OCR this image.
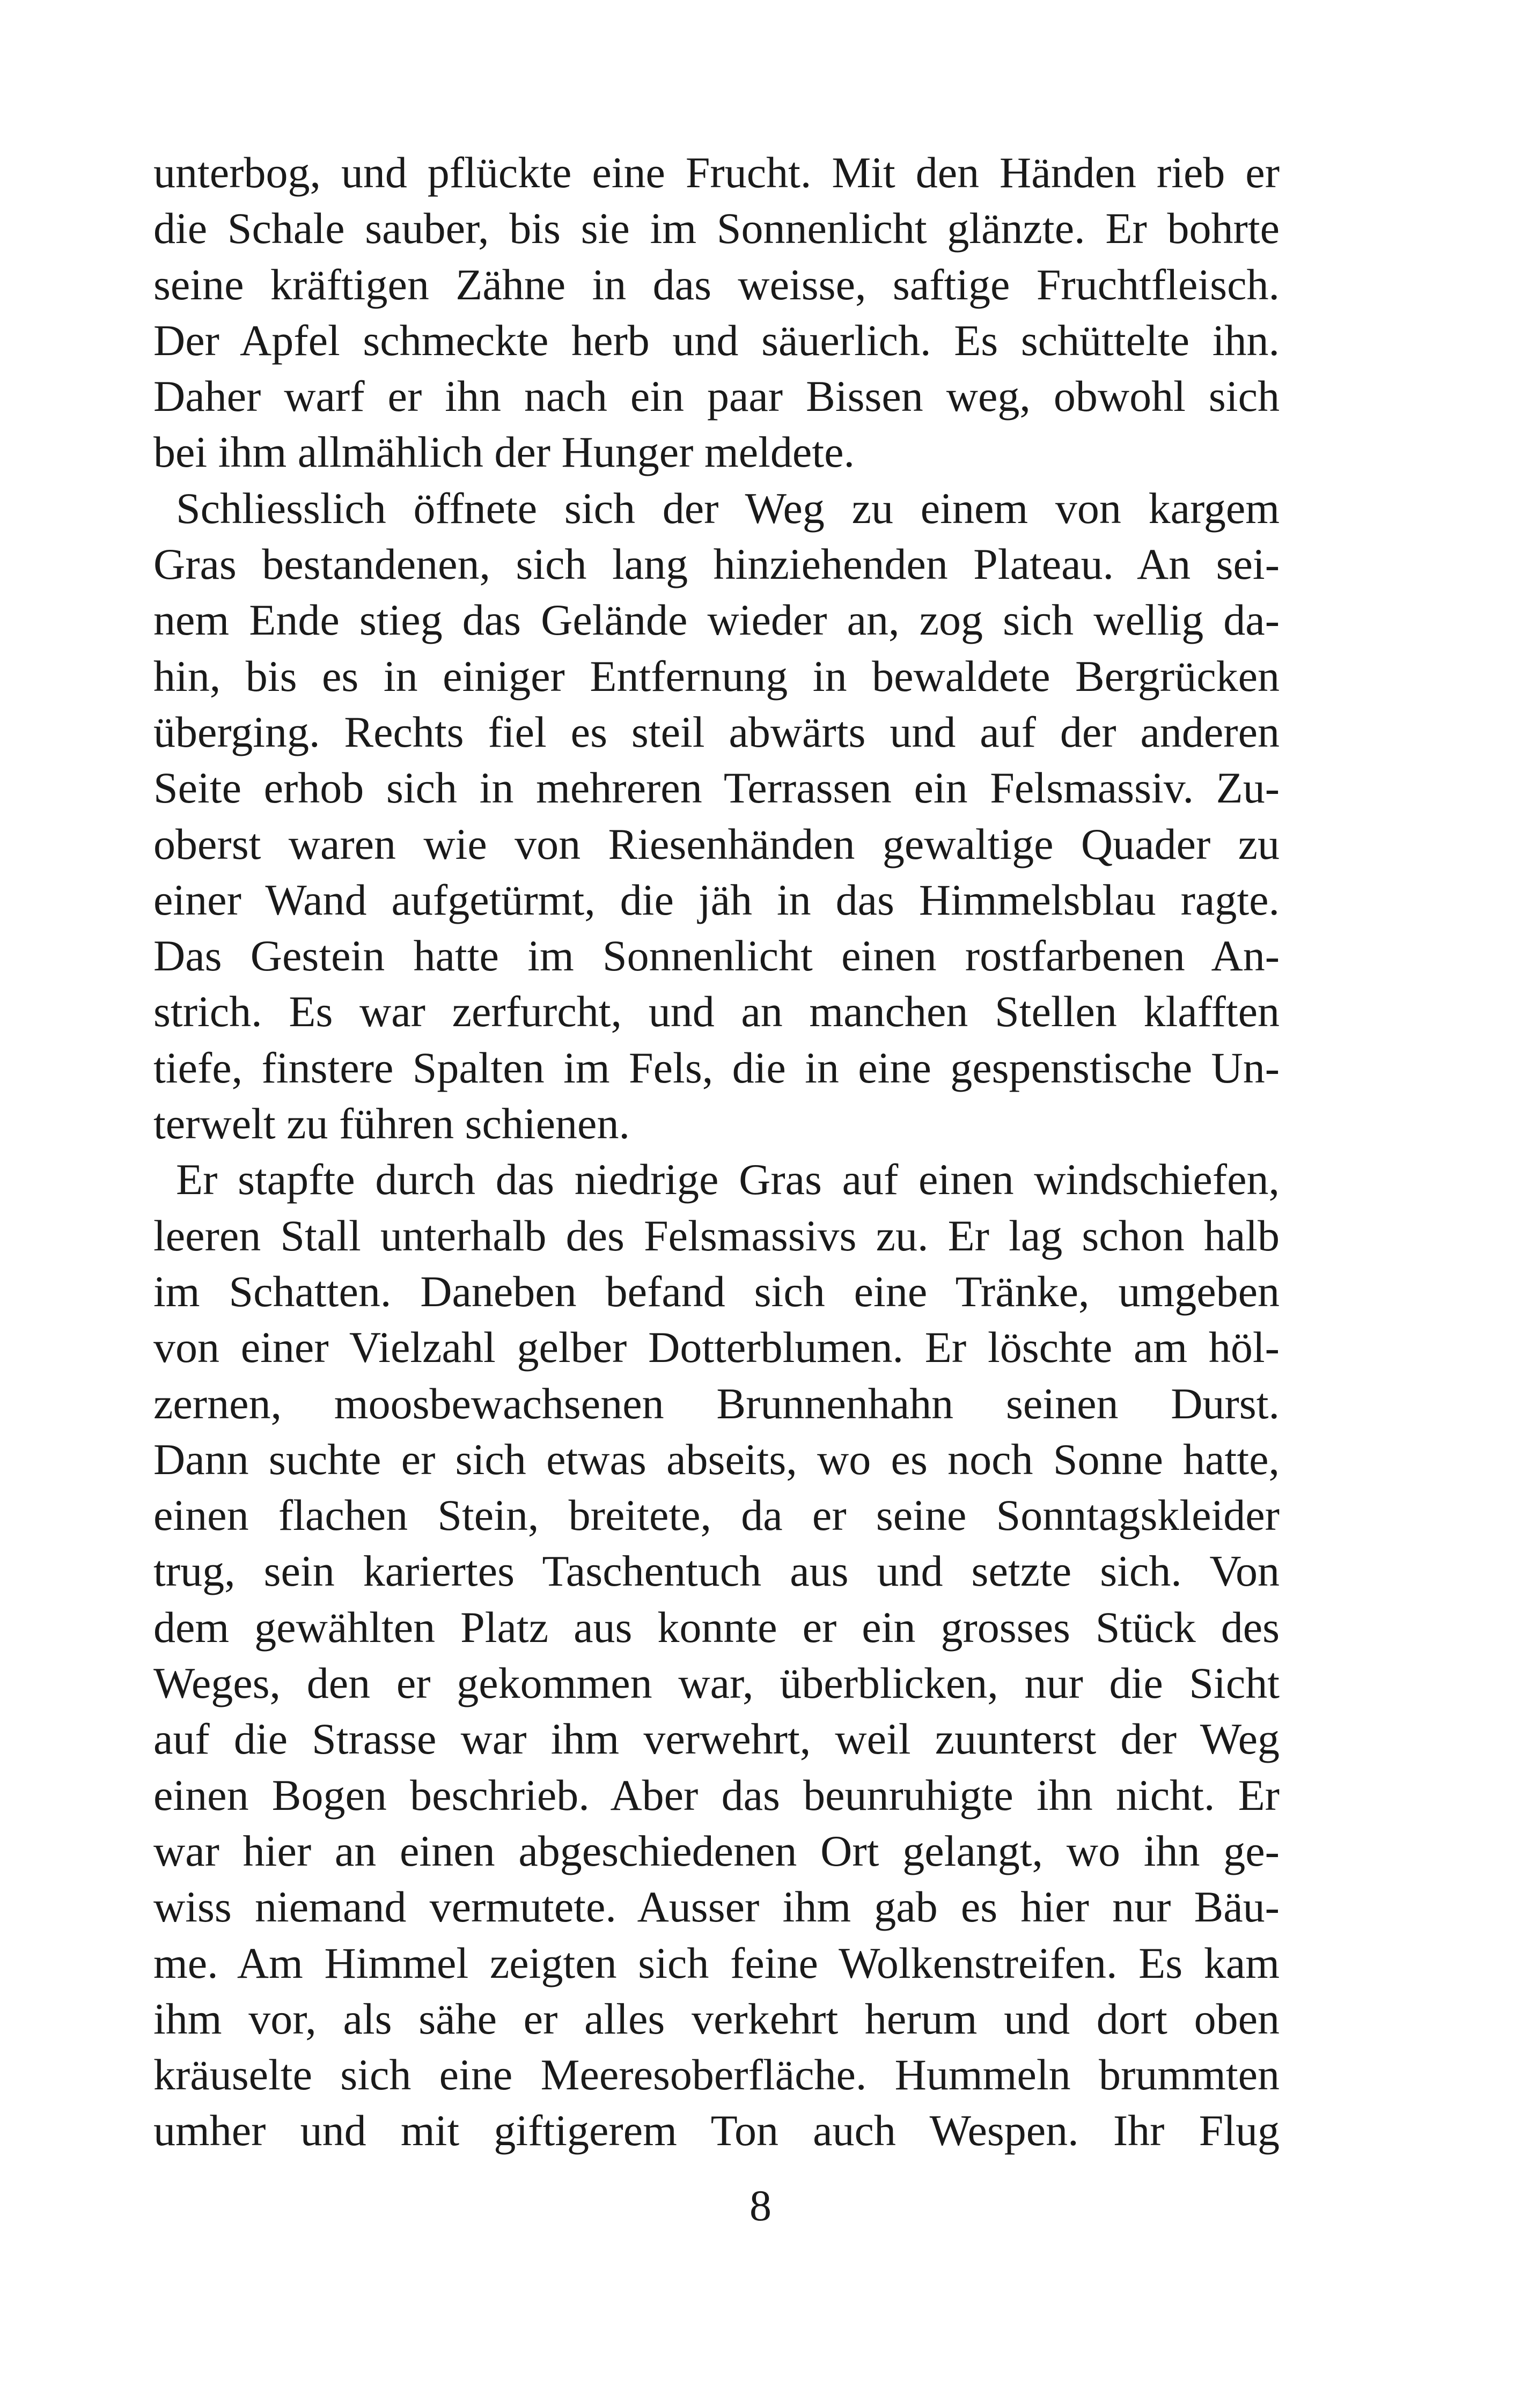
unterbog, und pflückte eine Frucht. Mit den Händen rieb er
die Schale sauber, bis sie im Sonnenlicht glänzte. Er bohrte
seine kräftigen Zähne in das weisse, saftige Fruchtfleisch.
Der Apfel schmeckte herb und säuerlich. Es schüttelte ihn.
Daher warf er ihn nach ein paar Bissen weg, obwohl sich
bei ihm allmählich der Hunger meldete.
Schliesslich öffnete sich der Weg zu einem von kargem
Gras bestandenen, sich lang hinziehenden Plateau. An sei-
nem Ende stieg das Gelände wieder an, zog sich wellig da-
hin, bis es in einiger Entfernung in bewaldete Bergrücken
überging. Rechts fiel es steil abwärts und auf der anderen
Seite erhob sich in mehreren Terrassen ein Felsmassiv. Zu-
oberst waren wie von Riesenhänden gewaltige Quader zu
einer Wand aufgetürmt, die jäh in das Himmelsblau ragte.
Das Gestein hatte im Sonnenlicht einen rostfarbenen An-
strich. Es war zerfurcht, und an manchen Stellen klafften
tiefe, finstere Spalten im Fels, die in eine gespenstische Un-
terwelt zu führen schienen.
Er stapfte durch das niedrige Gras auf einen windschiefen,
leeren Stall unterhalb des Felsmassivs zu. Er lag schon halb
im Schatten. Daneben befand sich eine Tränke, umgeben
von einer Vielzahl gelber Dotterblumen. Er löschte am höl-
zernen, moosbewachsenen Brunnenhahn seinen Durst.
Dann suchte er sich etwas abseits, wo es noch Sonne hatte,
einen flachen Stein, breitete, da er seine Sonntagskleider
trug, sein kariertes Taschentuch aus und setzte sich. Von
dem gewählten Platz aus konnte er ein grosses Stück des
Weges, den er gekommen war, überblicken, nur die Sicht
auf die Strasse war ihm verwehrt, weil zuunterst der Weg
einen Bogen beschrieb. Aber das beunruhigte ihn nicht. Er
war hier an einen abgeschiedenen Ort gelangt, wo ihn ge-
wiss niemand vermutete. Ausser ihm gab es hier nur Bäu-
me. Am Himmel zeigten sich feine Wolkenstreifen. Es kam
ihm vor, als sähe er alles verkehrt herum und dort oben
kräuselte sich eine Meeresoberfläche. Hummeln brummten
umher und mit giftigerem Ton auch Wespen. Ihr Flug
8
